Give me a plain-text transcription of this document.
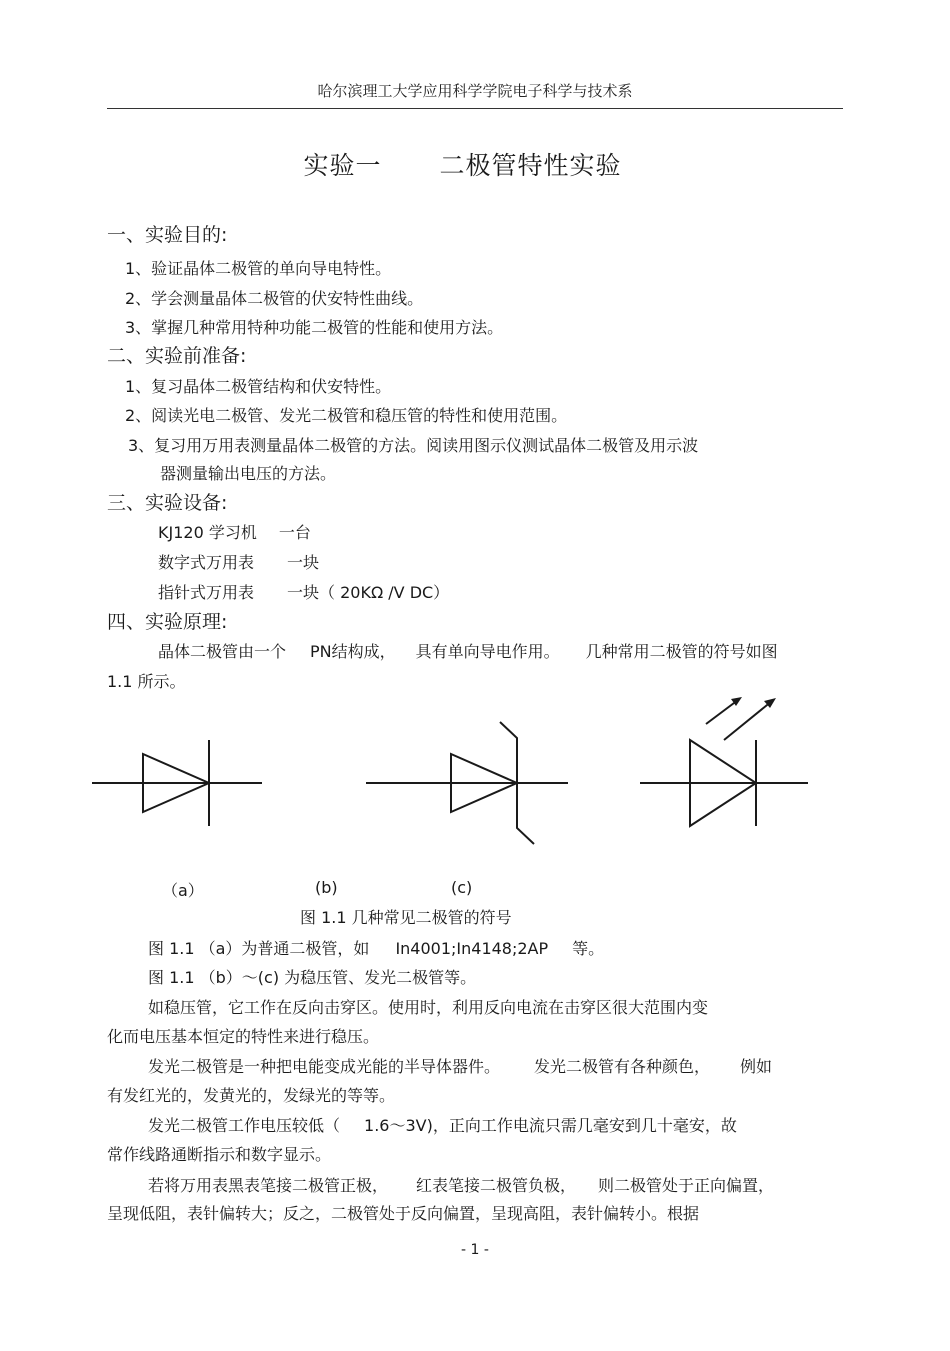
哈尔滨理工大学应用科学学院电子科学与技术系
实验一 二极管特性实验
一、实验目的:
1、验证晶体二极管的单向导电特性。
2、学会测量晶体二极管的伏安特性曲线。
3、掌握几种常用特种功能二极管的性能和使用方法。
二、实验前准备:
1、复习晶体二极管结构和伏安特性。
2、阅读光电二极管、发光二极管和稳压管的特性和使用范围。
3、复习用万用表测量晶体二极管的方法。阅读用图示仪测试晶体二极管及用示波
器测量输出电压的方法。
三、实验设备:
KJ120 学习机 一台
数字式万用表 一块
指针式万用表 一块（ 20KΩ /V DC）
四、实验原理:
晶体二极管由一个 PN结构成， 具有单向导电作用。 几种常用二极管的符号如图
1.1 所示。
（a）	(b)	(c)
图 1.1 几种常见二极管的符号
图 1.1 （a）为普通二极管，如 In4001;In4148;2AP 等。
图 1.1 （b）～(c) 为稳压管、发光二极管等。
如稳压管，它工作在反向击穿区。使用时，利用反向电流在击穿区很大范围内变
化而电压基本恒定的特性来进行稳压。
发光二极管是一种把电能变成光能的半导体器件。 发光二极管有各种颜色， 例如
有发红光的，发黄光的，发绿光的等等。
发光二极管工作电压较低（ 1.6～3V)，正向工作电流只需几毫安到几十毫安，故
常作线路通断指示和数字显示。
若将万用表黑表笔接二极管正极， 红表笔接二极管负极， 则二极管处于正向偏置，
呈现低阻，表针偏转大；反之，二极管处于反向偏置，呈现高阻，表针偏转小。根据
- 1 -
